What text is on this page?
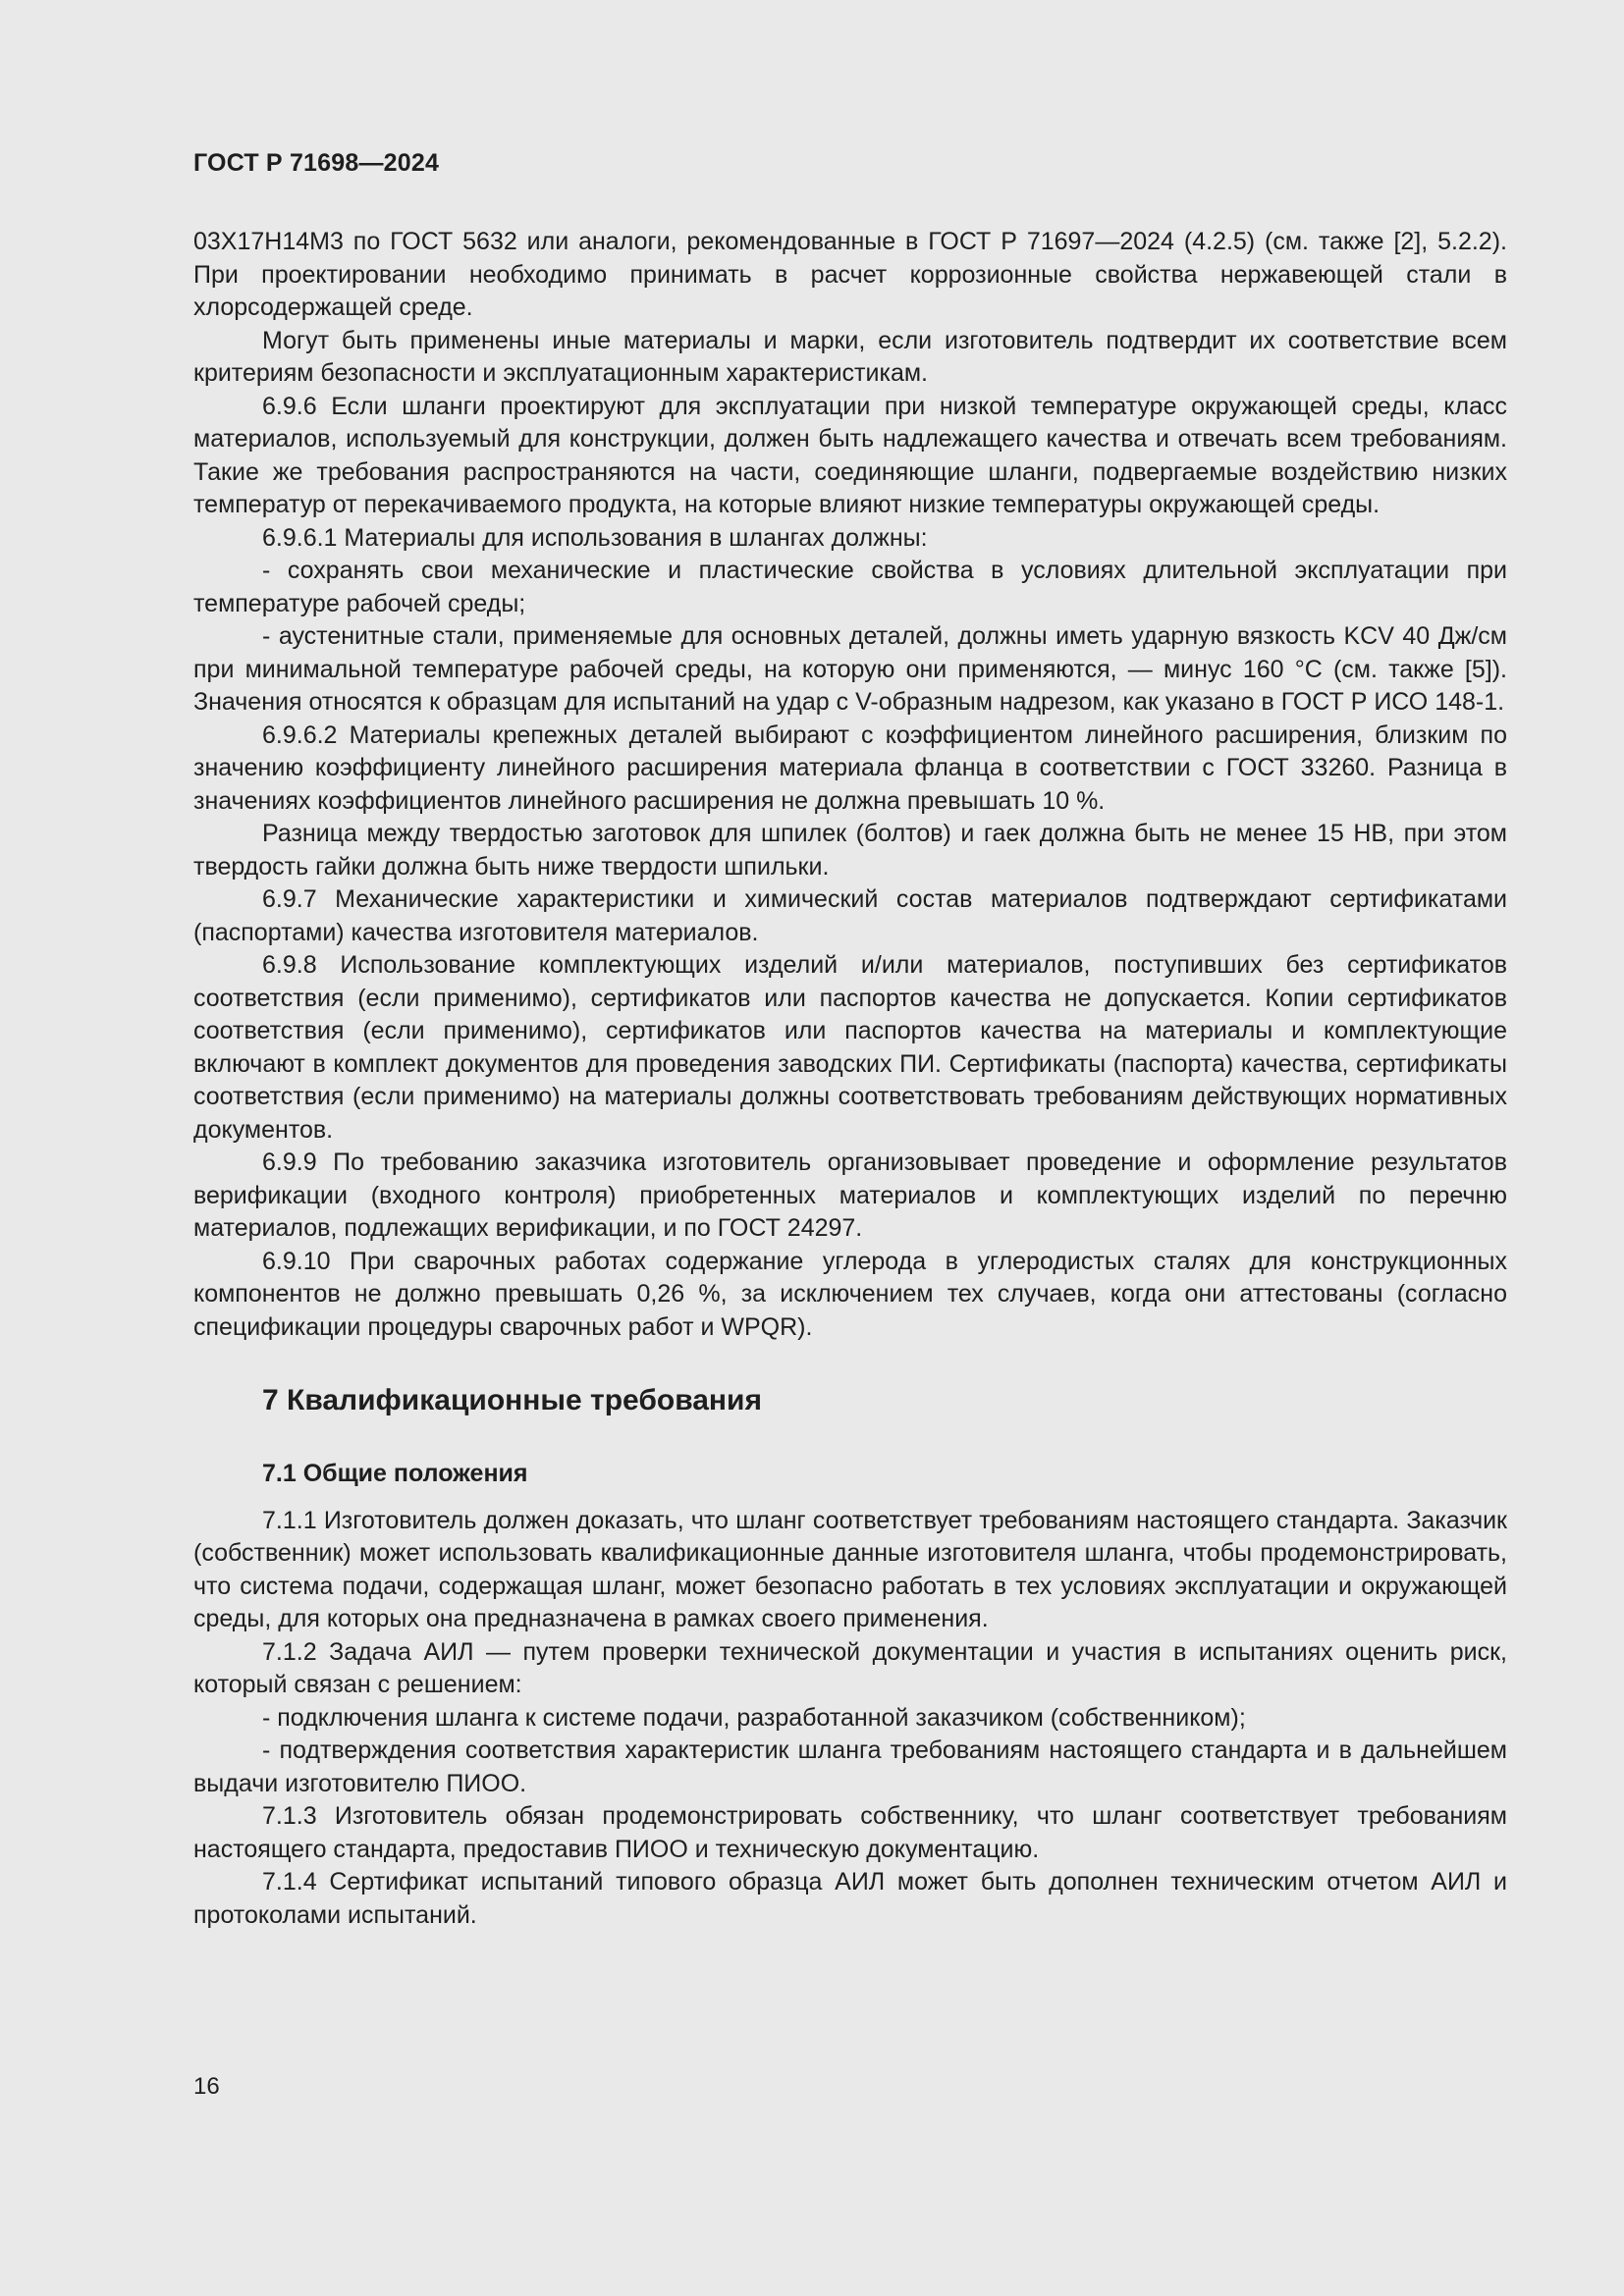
ГОСТ Р 71698—2024

03Х17Н14М3 по ГОСТ 5632 или аналоги, рекомендованные в ГОСТ Р 71697—2024 (4.2.5) (см. также [2], 5.2.2). При проектировании необходимо принимать в расчет коррозионные свойства нержавеющей стали в хлорсодержащей среде.

Могут быть применены иные материалы и марки, если изготовитель подтвердит их соответствие всем критериям безопасности и эксплуатационным характеристикам.

6.9.6 Если шланги проектируют для эксплуатации при низкой температуре окружающей среды, класс материалов, используемый для конструкции, должен быть надлежащего качества и отвечать всем требованиям. Такие же требования распространяются на части, соединяющие шланги, подвергаемые воздействию низких температур от перекачиваемого продукта, на которые влияют низкие температуры окружающей среды.

6.9.6.1 Материалы для использования в шлангах должны:

- сохранять свои механические и пластические свойства в условиях длительной эксплуатации при температуре рабочей среды;

- аустенитные стали, применяемые для основных деталей, должны иметь ударную вязкость KCV 40 Дж/см при минимальной температуре рабочей среды, на которую они применяются, — минус 160 °С (см. также [5]). Значения относятся к образцам для испытаний на удар с V-образным надрезом, как указано в ГОСТ Р ИСО 148-1.

6.9.6.2 Материалы крепежных деталей выбирают с коэффициентом линейного расширения, близким по значению коэффициенту линейного расширения материала фланца в соответствии с ГОСТ 33260. Разница в значениях коэффициентов линейного расширения не должна превышать 10 %.

Разница между твердостью заготовок для шпилек (болтов) и гаек должна быть не менее 15 НВ, при этом твердость гайки должна быть ниже твердости шпильки.

6.9.7 Механические характеристики и химический состав материалов подтверждают сертификатами (паспортами) качества изготовителя материалов.

6.9.8 Использование комплектующих изделий и/или материалов, поступивших без сертификатов соответствия (если применимо), сертификатов или паспортов качества не допускается. Копии сертификатов соответствия (если применимо), сертификатов или паспортов качества на материалы и комплектующие включают в комплект документов для проведения заводских ПИ. Сертификаты (паспорта) качества, сертификаты соответствия (если применимо) на материалы должны соответствовать требованиям действующих нормативных документов.

6.9.9 По требованию заказчика изготовитель организовывает проведение и оформление результатов верификации (входного контроля) приобретенных материалов и комплектующих изделий по перечню материалов, подлежащих верификации, и по ГОСТ 24297.

6.9.10 При сварочных работах содержание углерода в углеродистых сталях для конструкционных компонентов не должно превышать 0,26 %, за исключением тех случаев, когда они аттестованы (согласно спецификации процедуры сварочных работ и WPQR).

7 Квалификационные требования
7.1 Общие положения

7.1.1 Изготовитель должен доказать, что шланг соответствует требованиям настоящего стандарта. Заказчик (собственник) может использовать квалификационные данные изготовителя шланга, чтобы продемонстрировать, что система подачи, содержащая шланг, может безопасно работать в тех условиях эксплуатации и окружающей среды, для которых она предназначена в рамках своего применения.

7.1.2 Задача АИЛ — путем проверки технической документации и участия в испытаниях оценить риск, который связан с решением:

- подключения шланга к системе подачи, разработанной заказчиком (собственником);

- подтверждения соответствия характеристик шланга требованиям настоящего стандарта и в дальнейшем выдачи изготовителю ПИОО.

7.1.3 Изготовитель обязан продемонстрировать собственнику, что шланг соответствует требованиям настоящего стандарта, предоставив ПИОО и техническую документацию.

7.1.4 Сертификат испытаний типового образца АИЛ может быть дополнен техническим отчетом АИЛ и протоколами испытаний.

16
